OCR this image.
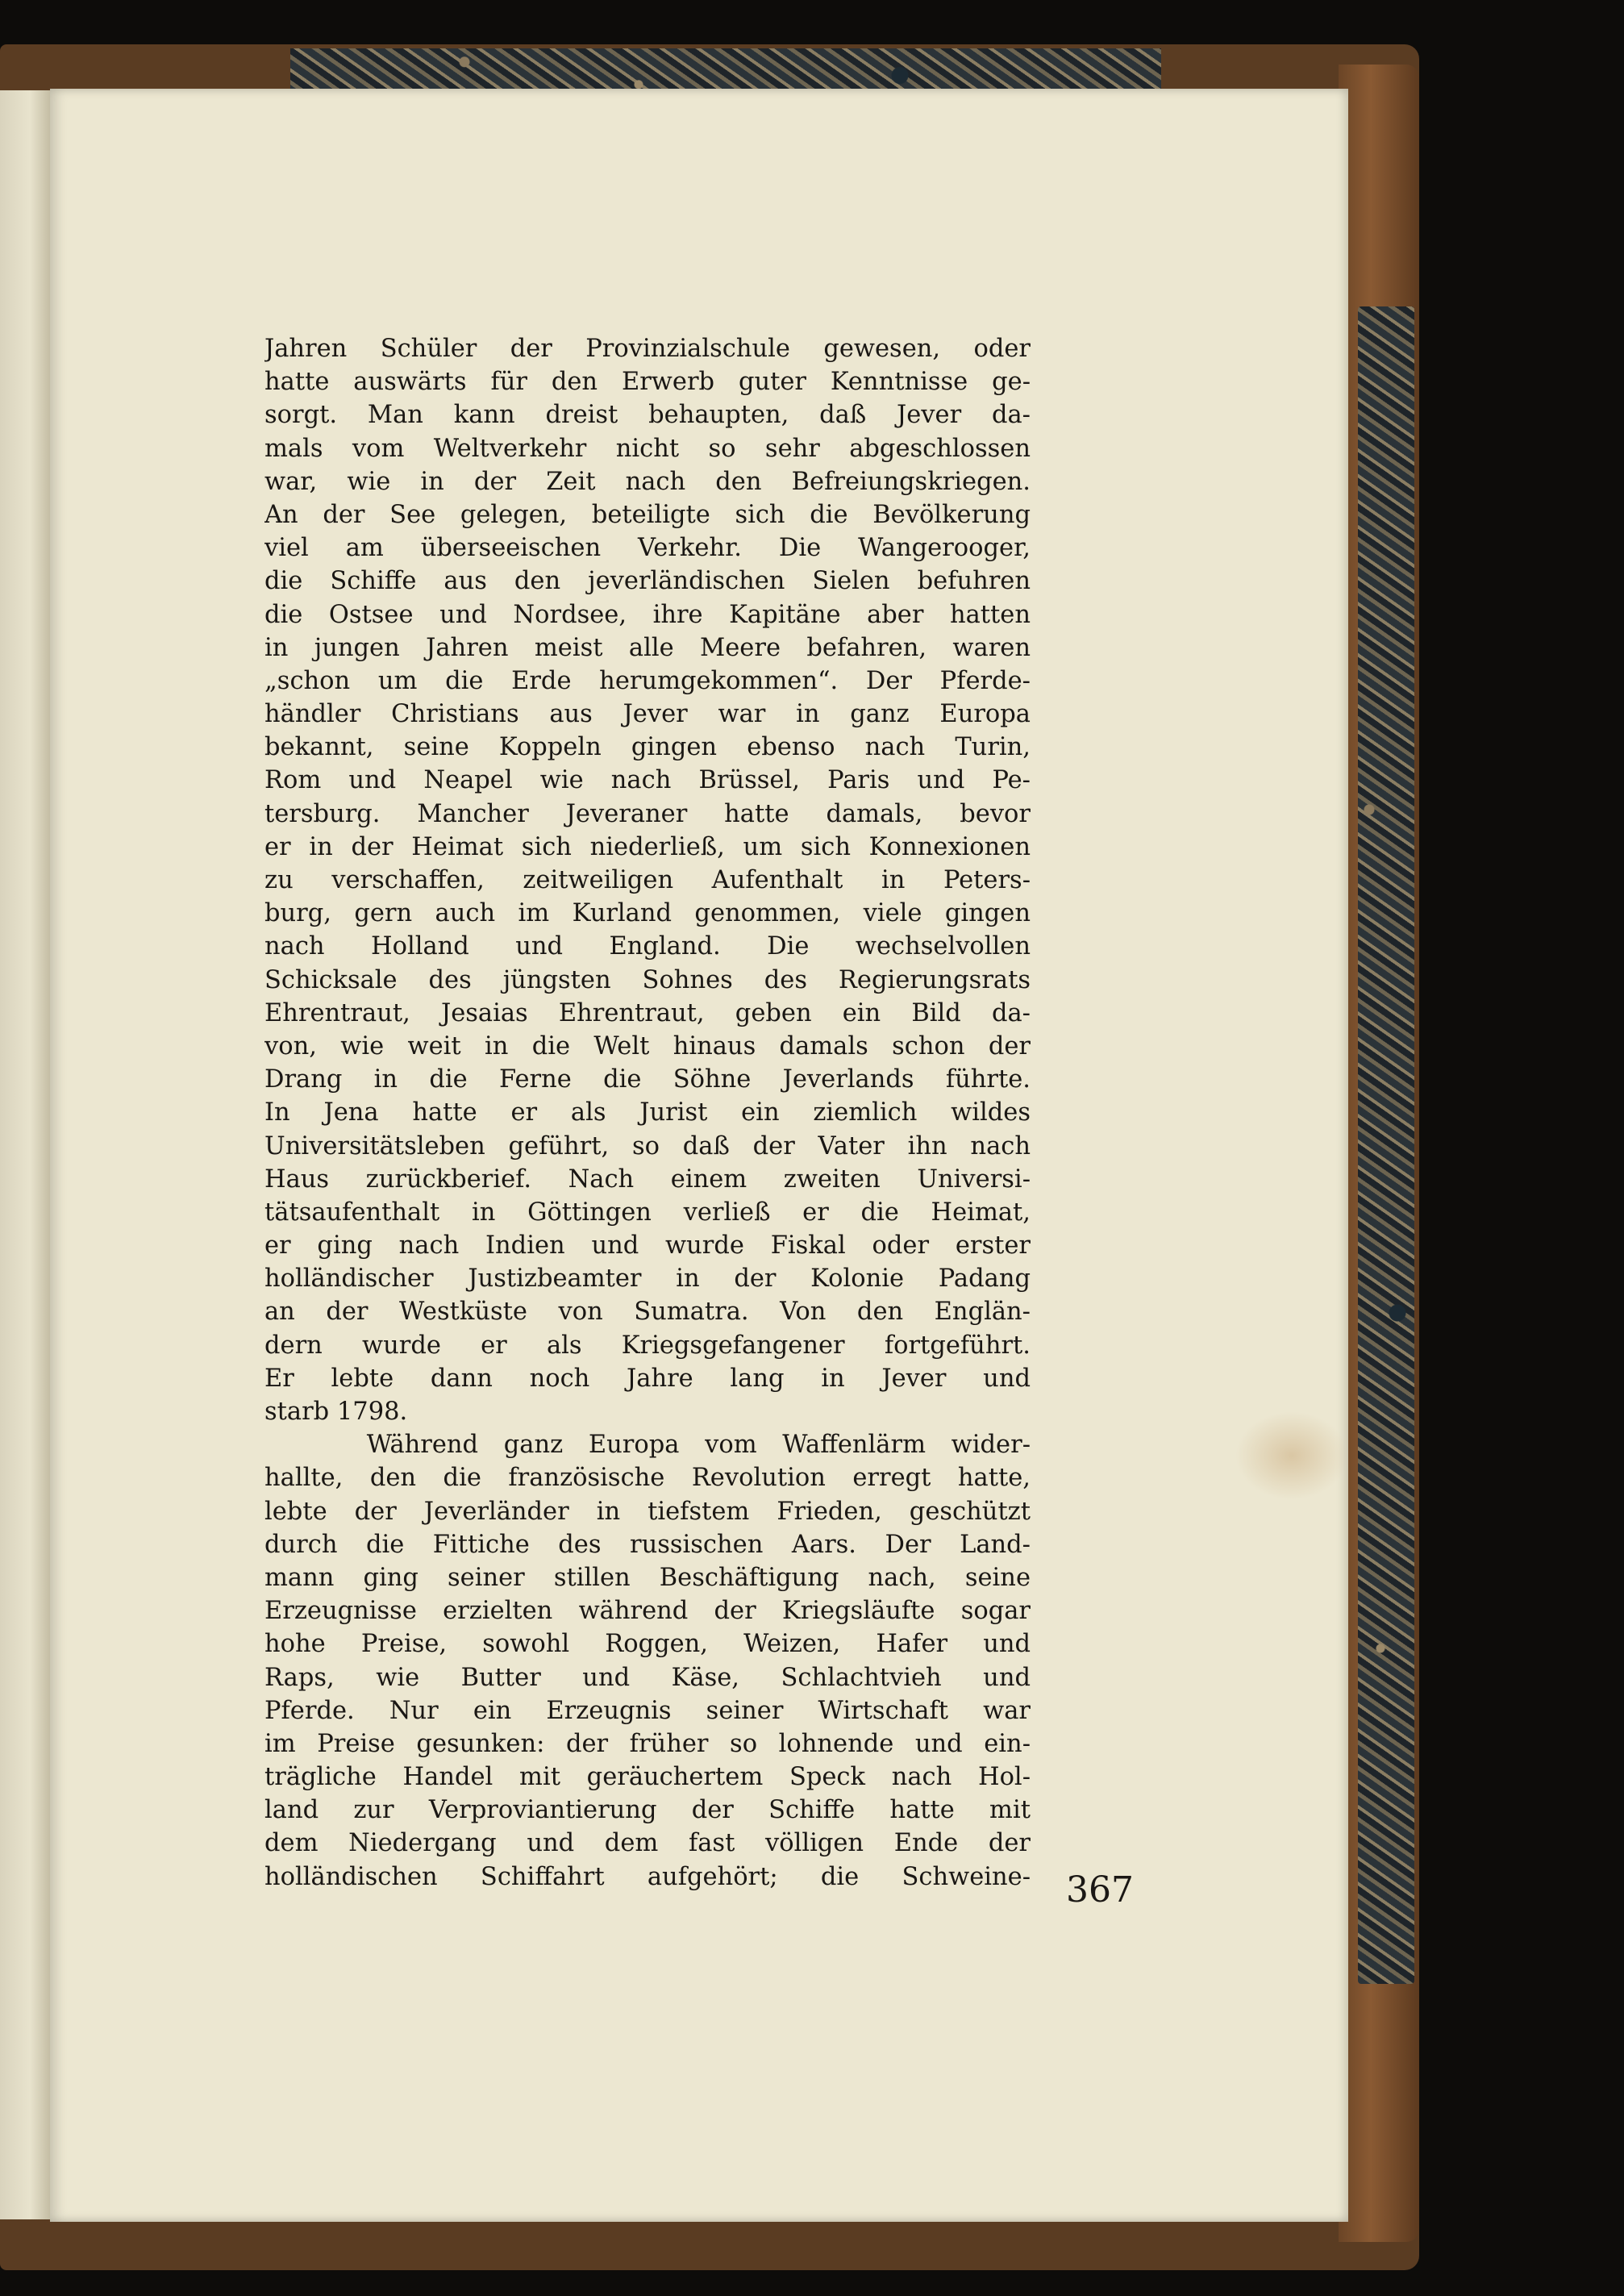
Jahren Schüler der Provinzialschule gewesen, oder
hatte auswärts für den Erwerb guter Kenntnisse ge-
sorgt. Man kann dreist behaupten, daß Jever da-
mals vom Weltverkehr nicht so sehr abgeschlossen
war, wie in der Zeit nach den Befreiungskriegen.
An der See gelegen, beteiligte sich die Bevölkerung
viel am überseeischen Verkehr. Die Wangerooger,
die Schiffe aus den jeverländischen Sielen befuhren
die Ostsee und Nordsee, ihre Kapitäne aber hatten
in jungen Jahren meist alle Meere befahren, waren
„schon um die Erde herumgekommen“. Der Pferde-
händler Christians aus Jever war in ganz Europa
bekannt, seine Koppeln gingen ebenso nach Turin,
Rom und Neapel wie nach Brüssel, Paris und Pe-
tersburg. Mancher Jeveraner hatte damals, bevor
er in der Heimat sich niederließ, um sich Konnexionen
zu verschaffen, zeitweiligen Aufenthalt in Peters-
burg, gern auch im Kurland genommen, viele gingen
nach Holland und England. Die wechselvollen
Schicksale des jüngsten Sohnes des Regierungsrats
Ehrentraut, Jesaias Ehrentraut, geben ein Bild da-
von, wie weit in die Welt hinaus damals schon der
Drang in die Ferne die Söhne Jeverlands führte.
In Jena hatte er als Jurist ein ziemlich wildes
Universitätsleben geführt, so daß der Vater ihn nach
Haus zurückberief. Nach einem zweiten Universi-
tätsaufenthalt in Göttingen verließ er die Heimat,
er ging nach Indien und wurde Fiskal oder erster
holländischer Justizbeamter in der Kolonie Padang
an der Westküste von Sumatra. Von den Englän-
dern wurde er als Kriegsgefangener fortgeführt.
Er lebte dann noch Jahre lang in Jever und
starb 1798.
Während ganz Europa vom Waffenlärm wider-
hallte, den die französische Revolution erregt hatte,
lebte der Jeverländer in tiefstem Frieden, geschützt
durch die Fittiche des russischen Aars. Der Land-
mann ging seiner stillen Beschäftigung nach, seine
Erzeugnisse erzielten während der Kriegsläufte sogar
hohe Preise, sowohl Roggen, Weizen, Hafer und
Raps, wie Butter und Käse, Schlachtvieh und
Pferde. Nur ein Erzeugnis seiner Wirtschaft war
im Preise gesunken: der früher so lohnende und ein-
trägliche Handel mit geräuchertem Speck nach Hol-
land zur Verproviantierung der Schiffe hatte mit
dem Niedergang und dem fast völligen Ende der
holländischen Schiffahrt aufgehört; die Schweine- 367
